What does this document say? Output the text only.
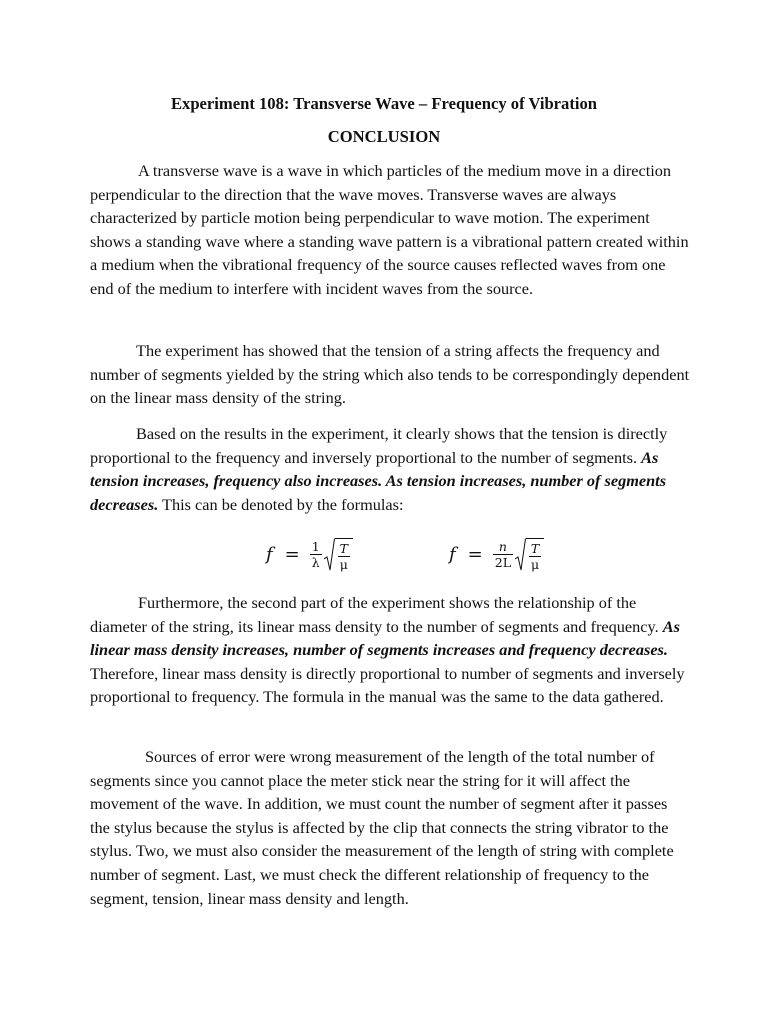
Experiment 108: Transverse Wave – Frequency of Vibration
CONCLUSION

A transverse wave is a wave in which particles of the medium move in a direction perpendicular to the direction that the wave moves. Transverse waves are always characterized by particle motion being perpendicular to wave motion. The experiment shows a standing wave where a standing wave pattern is a vibrational pattern created within a medium when the vibrational frequency of the source causes reflected waves from one end of the medium to interfere with incident waves from the source.

The experiment has showed that the tension of a string affects the frequency and number of segments yielded by the string which also tends to be correspondingly dependent on the linear mass density of the string.

Based on the results in the experiment, it clearly shows that the tension is directly proportional to the frequency and inversely proportional to the number of segments. As tension increases, frequency also increases. As tension increases, number of segments decreases. This can be denoted by the formulas:

$f = \frac{1}{\lambda} \frac{T}{\mu}$	$f = \frac{n}{2L} \frac{T}{\mu}$

Furthermore, the second part of the experiment shows the relationship of the diameter of the string, its linear mass density to the number of segments and frequency. As linear mass density increases, number of segments increases and frequency decreases. Therefore, linear mass density is directly proportional to number of segments and inversely proportional to frequency. The formula in the manual was the same to the data gathered.

Sources of error were wrong measurement of the length of the total number of segments since you cannot place the meter stick near the string for it will affect the movement of the wave. In addition, we must count the number of segment after it passes the stylus because the stylus is affected by the clip that connects the string vibrator to the stylus. Two, we must also consider the measurement of the length of string with complete number of segment. Last, we must check the different relationship of frequency to the segment, tension, linear mass density and length.
